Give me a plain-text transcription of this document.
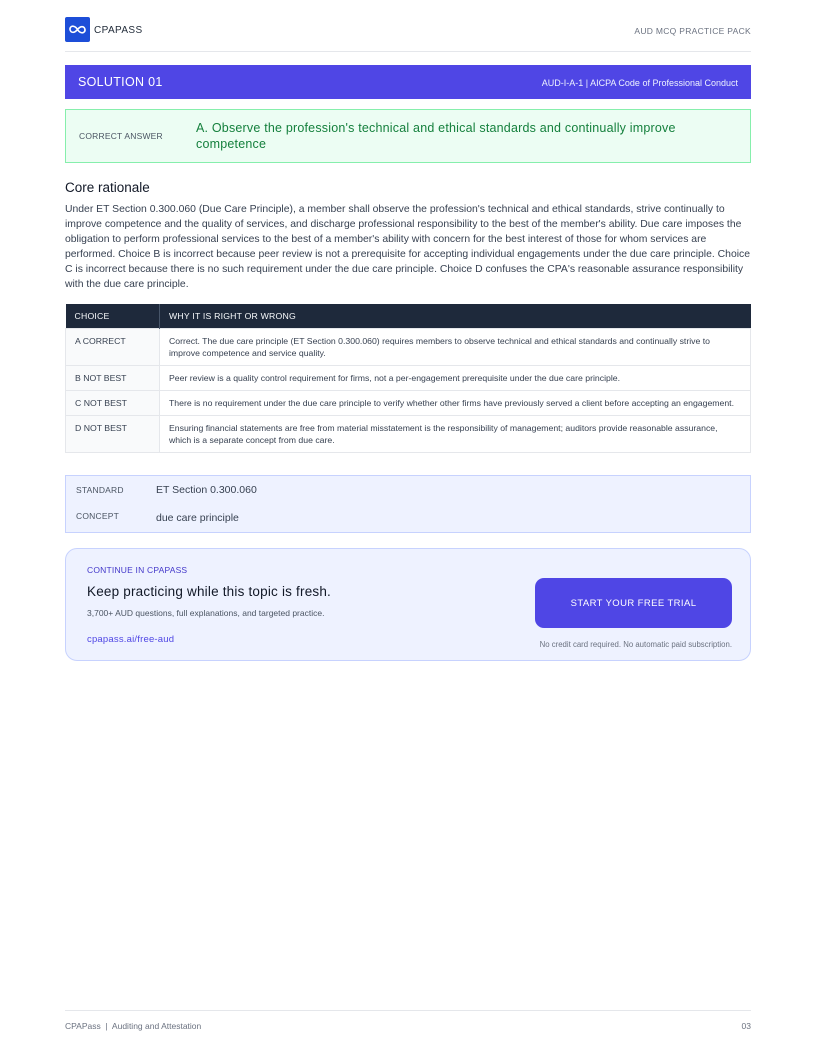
CPAPASS	AUD MCQ PRACTICE PACK
SOLUTION 01	AUD-I-A-1 | AICPA Code of Professional Conduct
CORRECT ANSWER
A. Observe the profession's technical and ethical standards and continually improve competence
Core rationale
Under ET Section 0.300.060 (Due Care Principle), a member shall observe the profession's technical and ethical standards, strive continually to improve competence and the quality of services, and discharge professional responsibility to the best of the member's ability. Due care imposes the obligation to perform professional services to the best of a member's ability with concern for the best interest of those for whom services are performed. Choice B is incorrect because peer review is not a prerequisite for accepting individual engagements under the due care principle. Choice C is incorrect because there is no such requirement under the due care principle. Choice D confuses the CPA's reasonable assurance responsibility with the due care principle.
CHOICE	WHY IT IS RIGHT OR WRONG
A CORRECT	Correct. The due care principle (ET Section 0.300.060) requires members to observe technical and ethical standards and continually strive to improve competence and service quality.
B NOT BEST	Peer review is a quality control requirement for firms, not a per-engagement prerequisite under the due care principle.
C NOT BEST	There is no requirement under the due care principle to verify whether other firms have previously served a client before accepting an engagement.
D NOT BEST	Ensuring financial statements are free from material misstatement is the responsibility of management; auditors provide reasonable assurance, which is a separate concept from due care.
STANDARD	ET Section 0.300.060
CONCEPT	due care principle
CONTINUE IN CPAPASS
Keep practicing while this topic is fresh.
3,700+ AUD questions, full explanations, and targeted practice.
cpapass.ai/free-aud
START YOUR FREE TRIAL
No credit card required. No automatic paid subscription.
CPAPass  |  Auditing and Attestation	03
